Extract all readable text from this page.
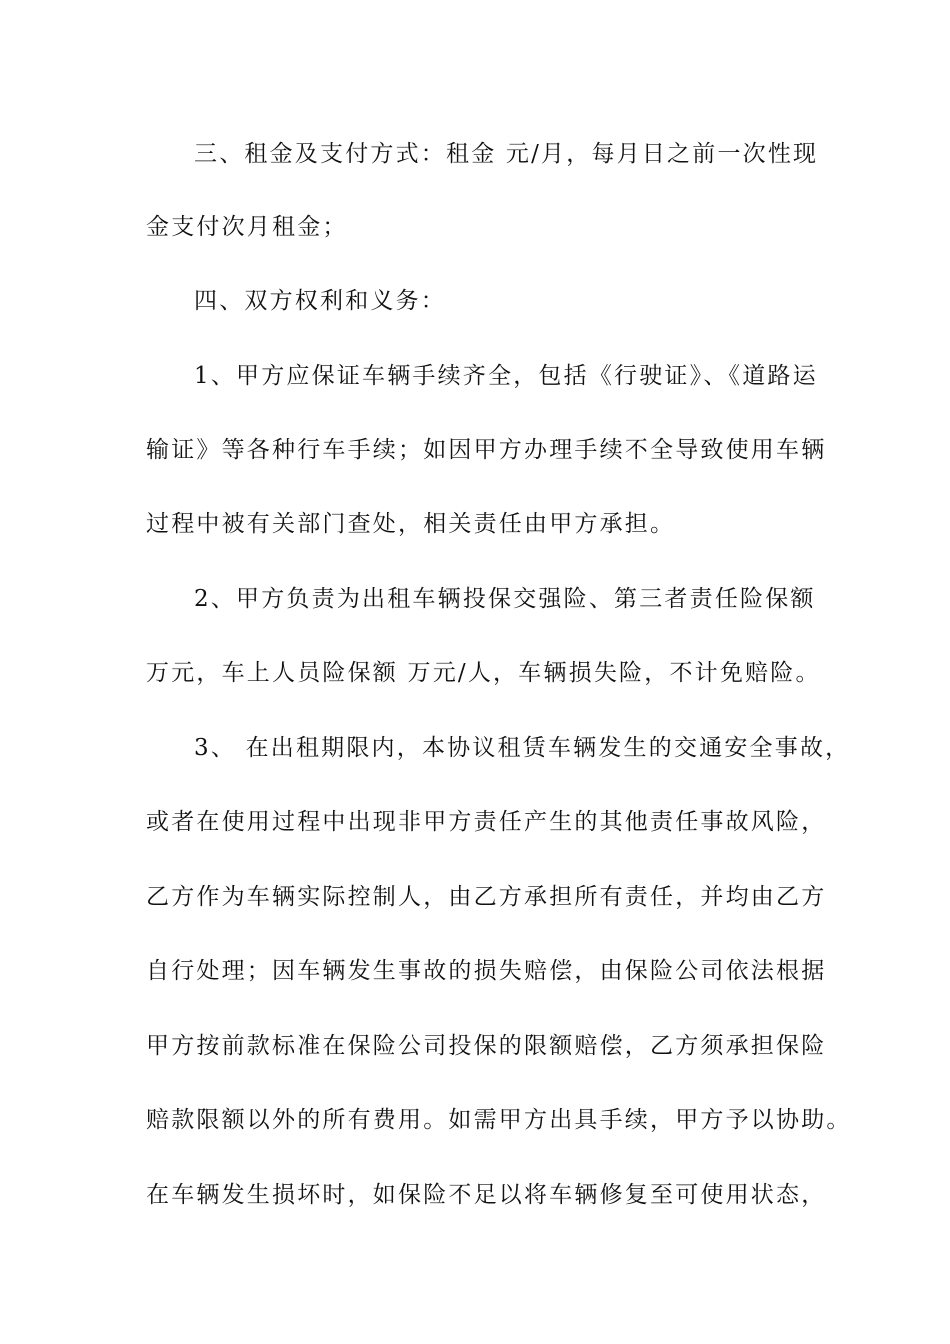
三、租金及支付方式：租金 元/月，每月日之前一次性现
金支付次月租金；
四、双方权利和义务：
1、甲方应保证车辆手续齐全，包括《行驶证》、《道路运
输证》等各种行车手续；如因甲方办理手续不全导致使用车辆
过程中被有关部门查处，相关责任由甲方承担。
2、甲方负责为出租车辆投保交强险、第三者责任险保额
万元，车上人员险保额 万元/人，车辆损失险，不计免赔险。
3、 在出租期限内，本协议租赁车辆发生的交通安全事故，
或者在使用过程中出现非甲方责任产生的其他责任事故风险，
乙方作为车辆实际控制人，由乙方承担所有责任，并均由乙方
自行处理；因车辆发生事故的损失赔偿，由保险公司依法根据
甲方按前款标准在保险公司投保的限额赔偿，乙方须承担保险
赔款限额以外的所有费用。如需甲方出具手续，甲方予以协助。
在车辆发生损坏时，如保险不足以将车辆修复至可使用状态，
